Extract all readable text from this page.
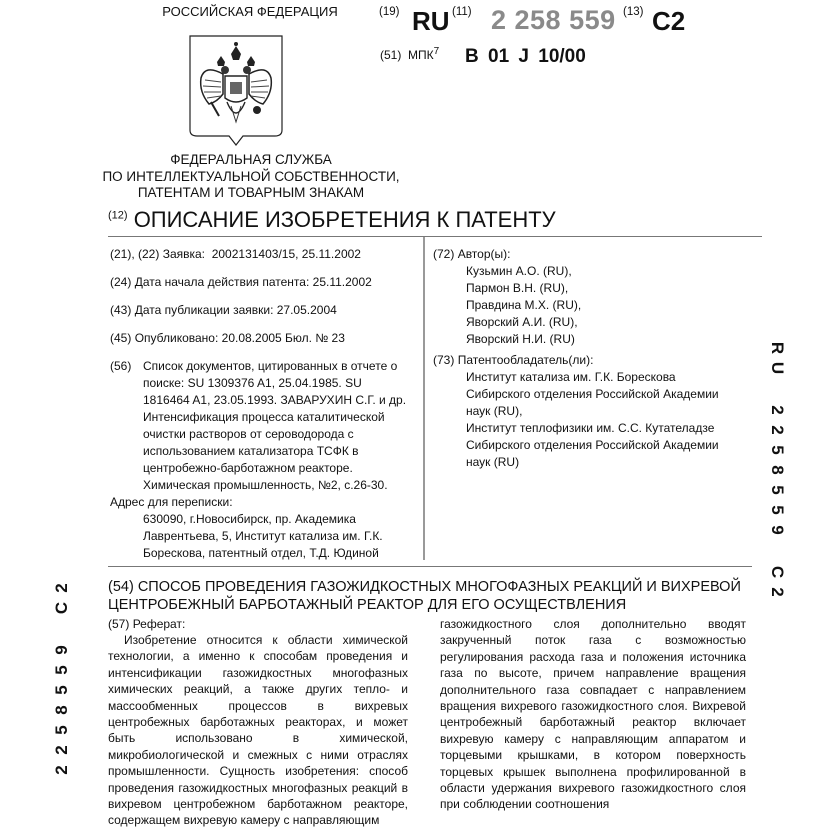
РОССИЙСКАЯ ФЕДЕРАЦИЯ
ФЕДЕРАЛЬНАЯ СЛУЖБА
ПО ИНТЕЛЛЕКТУАЛЬНОЙ СОБСТВЕННОСТИ,
ПАТЕНТАМ И ТОВАРНЫМ ЗНАКАМ
(19) RU (11) 2 258 559 (13) C2
(51) МПК$^7$ B 01 J 10/00
$^{(12)}$ ОПИСАНИЕ ИЗОБРЕТЕНИЯ К ПАТЕНТУ
(21), (22) Заявка: 2002131403/15, 25.11.2002
(24) Дата начала действия патента: 25.11.2002
(43) Дата публикации заявки: 27.05.2004
(45) Опубликовано: 20.08.2005 Бюл. № 23
(56) Список документов, цитированных в отчете о поиске: SU 1309376 A1, 25.04.1985. SU 1816464 A1, 23.05.1993. ЗАВАРУХИН С.Г. и др. Интенсификация процесса каталитической очистки растворов от сероводорода с использованием катализатора ТСФК в центробежно-барботажном реакторе. Химическая промышленность, №2, с.26-30.
Адрес для переписки:
630090, г.Новосибирск, пр. Академика
Лаврентьева, 5, Институт катализа им. Г.К.
Борескова, патентный отдел, Т.Д. Юдиной
(72) Автор(ы):
Кузьмин А.О. (RU),
Пармон В.Н. (RU),
Правдина М.Х. (RU),
Яворский А.И. (RU),
Яворский Н.И. (RU)
(73) Патентообладатель(ли):
Институт катализа им. Г.К. Борескова
Сибирского отделения Российской Академии
наук (RU),
Институт теплофизики им. С.С. Кутателадзе
Сибирского отделения Российской Академии
наук (RU)
R
U
2
2
5
8
5
5
9
C
2
2
C
9
5
5
8
5
2
2
(54) СПОСОБ ПРОВЕДЕНИЯ ГАЗОЖИДКОСТНЫХ МНОГОФАЗНЫХ РЕАКЦИЙ И ВИХРЕВОЙ ЦЕНТРОБЕЖНЫЙ БАРБОТАЖНЫЙ РЕАКТОР ДЛЯ ЕГО ОСУЩЕСТВЛЕНИЯ
(57) Реферат:

Изобретение относится к области химической технологии, а именно к способам проведения и интенсификации газожидкостных многофазных химических реакций, а также других тепло- и массообменных процессов в вихревых центробежных барботажных реакторах, и может быть использовано в химической, микробиологической и смежных с ними отраслях промышленности. Сущность изобретения: способ проведения газожидкостных многофазных реакций в вихревом центробежном барботажном реакторе, содержащем вихревую камеру с направляющим

газожидкостного слоя дополнительно вводят закрученный поток газа с возможностью регулирования расхода газа и положения источника газа по высоте, причем направление вращения дополнительного газа совпадает с направлением вращения вихревого газожидкостного слоя. Вихревой центробежный барботажный реактор включает вихревую камеру с направляющим аппаратом и торцевыми крышками, в котором поверхность торцевых крышек выполнена профилированной в области удержания вихревого газожидкостного слоя при соблюдении соотношения
